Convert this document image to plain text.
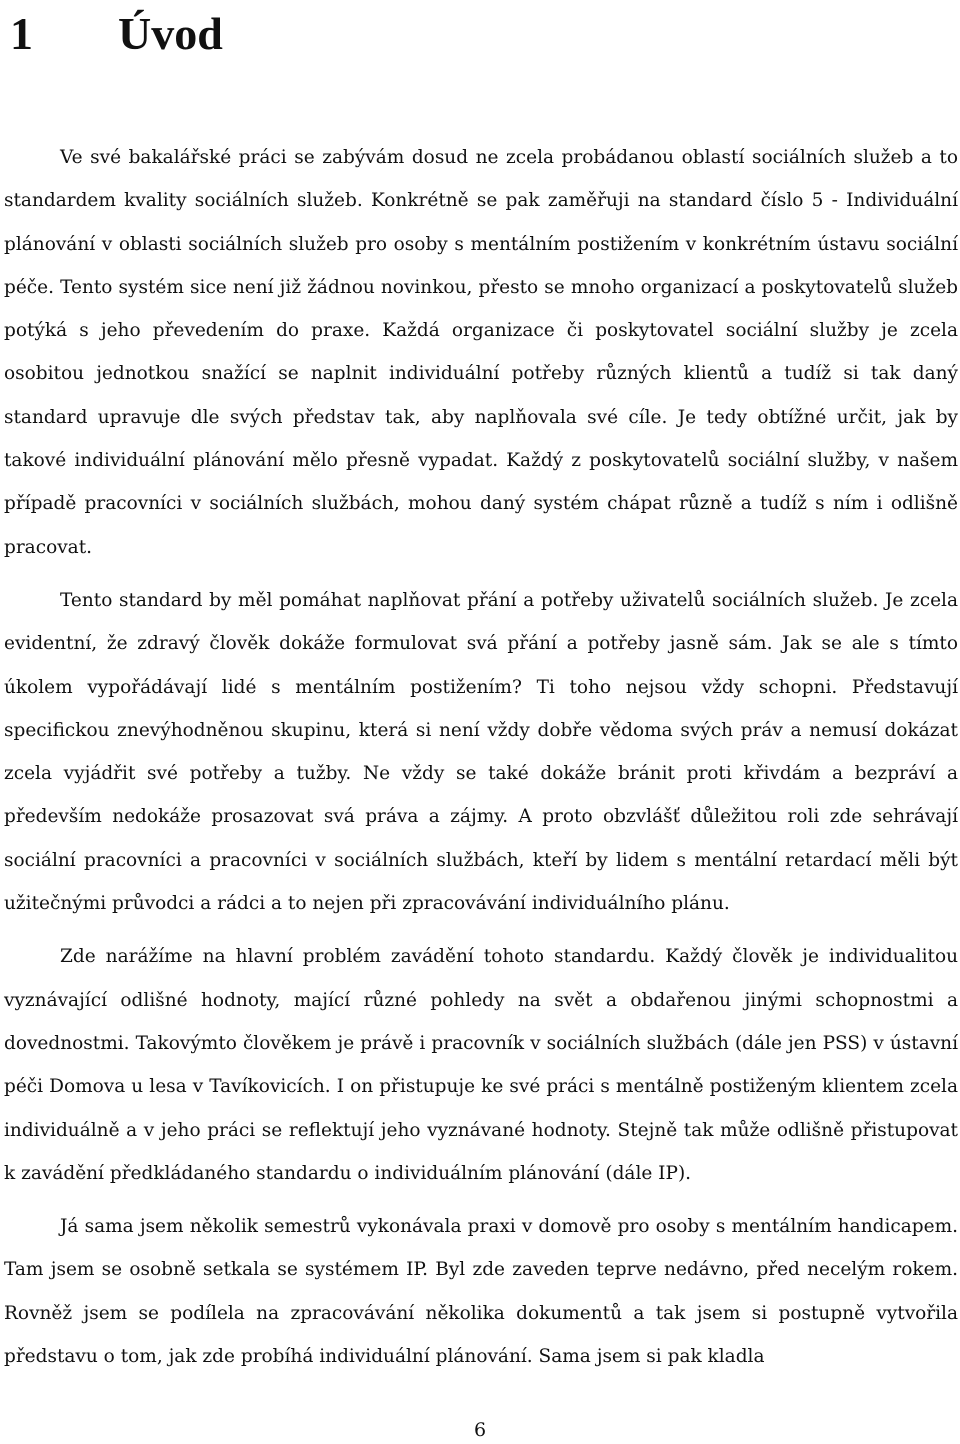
1 Úvod

Ve své bakalářské práci se zabývám dosud ne zcela probádanou oblastí sociálních služeb a to standardem kvality sociálních služeb. Konkrétně se pak zaměřuji na standard číslo 5 - Individuální plánování v oblasti sociálních služeb pro osoby s mentálním postižením v konkrétním ústavu sociální péče. Tento systém sice není již žádnou novinkou, přesto se mnoho organizací a poskytovatelů služeb potýká s jeho převedením do praxe. Každá organizace či poskytovatel sociální služby je zcela osobitou jednotkou snažící se naplnit individuální potřeby různých klientů a tudíž si tak daný standard upravuje dle svých představ tak, aby naplňovala své cíle. Je tedy obtížné určit, jak by takové individuální plánování mělo přesně vypadat. Každý z poskytovatelů sociální služby, v našem případě pracovníci v sociálních službách, mohou daný systém chápat různě a tudíž s ním i odlišně pracovat.

Tento standard by měl pomáhat naplňovat přání a potřeby uživatelů sociálních služeb. Je zcela evidentní, že zdravý člověk dokáže formulovat svá přání a potřeby jasně sám. Jak se ale s tímto úkolem vypořádávají lidé s mentálním postižením? Ti toho nejsou vždy schopni. Představují specifickou znevýhodněnou skupinu, která si není vždy dobře vědoma svých práv a nemusí dokázat zcela vyjádřit své potřeby a tužby. Ne vždy se také dokáže bránit proti křivdám a bezpráví a především nedokáže prosazovat svá práva a zájmy. A proto obzvlášť důležitou roli zde sehrávají sociální pracovníci a pracovníci v sociálních službách, kteří by lidem s mentální retardací měli být užitečnými průvodci a rádci a to nejen při zpracovávání individuálního plánu.

Zde narážíme na hlavní problém zavádění tohoto standardu. Každý člověk je individualitou vyznávající odlišné hodnoty, mající různé pohledy na svět a obdařenou jinými schopnostmi a dovednostmi. Takovýmto člověkem je právě i pracovník v sociálních službách (dále jen PSS) v ústavní péči Domova u lesa v Tavíkovicích. I on přistupuje ke své práci s mentálně postiženým klientem zcela individuálně a v jeho práci se reflektují jeho vyznávané hodnoty. Stejně tak může odlišně přistupovat k zavádění předkládaného standardu o individuálním plánování (dále IP).

Já sama jsem několik semestrů vykonávala praxi v domově pro osoby s mentálním handicapem. Tam jsem se osobně setkala se systémem IP. Byl zde zaveden teprve nedávno, před necelým rokem. Rovněž jsem se podílela na zpracovávání několika dokumentů a tak jsem si postupně vytvořila představu o tom, jak zde probíhá individuální plánování. Sama jsem si pak kladla

6
